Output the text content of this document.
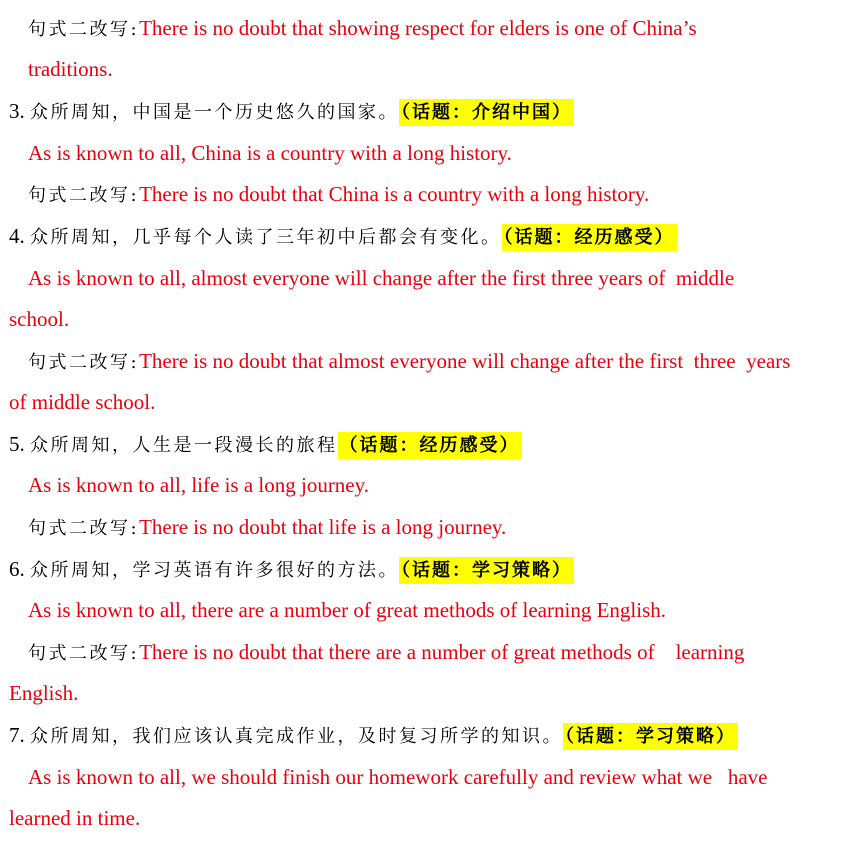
句式二改写:There is no doubt that showing respect for elders is one of China’s
traditions.
3. 众所周知，中国是一个历史悠久的国家。 （话题：介绍中国）
As is known to all, China is a country with a long history.
句式二改写:There is no doubt that China is a country with a long history.
4. 众所周知，几乎每个人读了三年初中后都会有变化。 （话题：经历感受）
As is known to all, almost everyone will change after the first three years of  middle
school.
句式二改写:There is no doubt that almost everyone will change after the first  three  years
of middle school.
5. 众所周知，人生是一段漫长的旅程 （话题：经历感受）
As is known to all, life is a long journey.
句式二改写:There is no doubt that life is a long journey.
6. 众所周知，学习英语有许多很好的方法。 （话题：学习策略）
As is known to all, there are a number of great methods of learning English.
句式二改写:There is no doubt that there are a number of great methods of    learning
English.
7. 众所周知，我们应该认真完成作业，及时复习所学的知识。 （话题：学习策略）
As is known to all, we should finish our homework carefully and review what we   have
learned in time.
